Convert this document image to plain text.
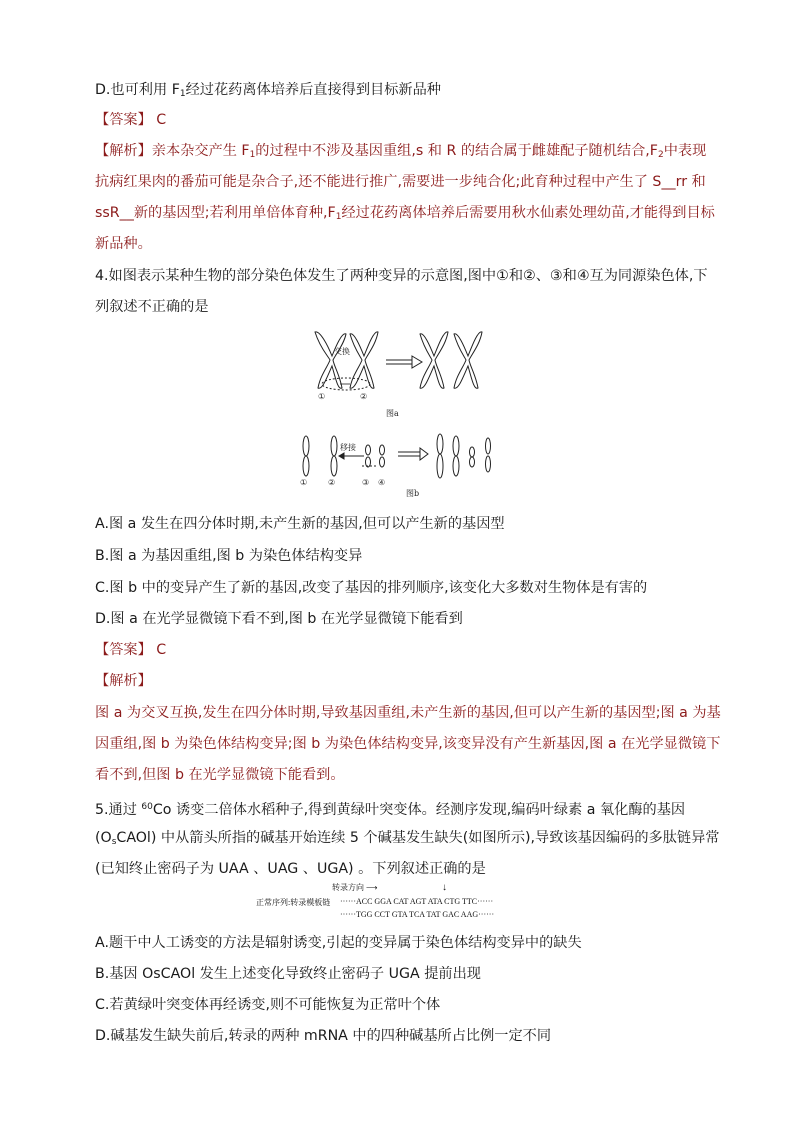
D.也可利用 $F_1$经过花药离体培养后直接得到目标新品种
【答案】 C
【解析】亲本杂交产生 $F_1$的过程中不涉及基因重组,s 和 R 的结合属于雌雄配子随机结合$,F_2$中表现
抗病红果肉的番茄可能是杂合子,还不能进行推广,需要进一步纯合化;此育种过程中产生了 S__rr 和
ssR__新的基因型;若利用单倍体育种$,F_1$经过花药离体培养后需要用秋水仙素处理幼苗,才能得到目标
新品种。
4.如图表示某种生物的部分染色体发生了两种变异的示意图,图中①和②、③和④互为同源染色体,下
列叙述不正确的是
交换
①	②
图a
移接
①	②	③ ④
图b
A.图 a 发生在四分体时期,未产生新的基因,但可以产生新的基因型
B.图 a 为基因重组,图 b 为染色体结构变异
C.图 b 中的变异产生了新的基因,改变了基因的排列顺序,该变化大多数对生物体是有害的
D.图 a 在光学显微镜下看不到,图 b 在光学显微镜下能看到
【答案】 C
【解析】
图 a 为交叉互换,发生在四分体时期,导致基因重组,未产生新的基因,但可以产生新的基因型;图 a 为基
因重组,图 b 为染色体结构变异;图 b 为染色体结构变异,该变异没有产生新基因,图 a 在光学显微镜下
看不到,但图 b 在光学显微镜下能看到。
5.通过 $^{60}$Co 诱变二倍体水稻种子,得到黄绿叶突变体。经测序发现,编码叶绿素 a 氧化酶的基因
$(O_sCAOl)$ 中从箭头所指的碱基开始连续 5 个碱基发生缺失(如图所示),导致该基因编码的多肽链异常
(已知终止密码子为 UAA 、UAG 、UGA) 。下列叙述正确的是
转录方向 ⟶	↓
正常序列:转录模板链 ······ACC GGA CAT AGT ATA CTG TTC······
······TGG CCT GTA TCA TAT GAC AAG······
A.题干中人工诱变的方法是辐射诱变,引起的变异属于染色体结构变异中的缺失
B.基因 OsCAOl 发生上述变化导致终止密码子 UGA 提前出现
C.若黄绿叶突变体再经诱变,则不可能恢复为正常叶个体
D.碱基发生缺失前后,转录的两种 mRNA 中的四种碱基所占比例一定不同
